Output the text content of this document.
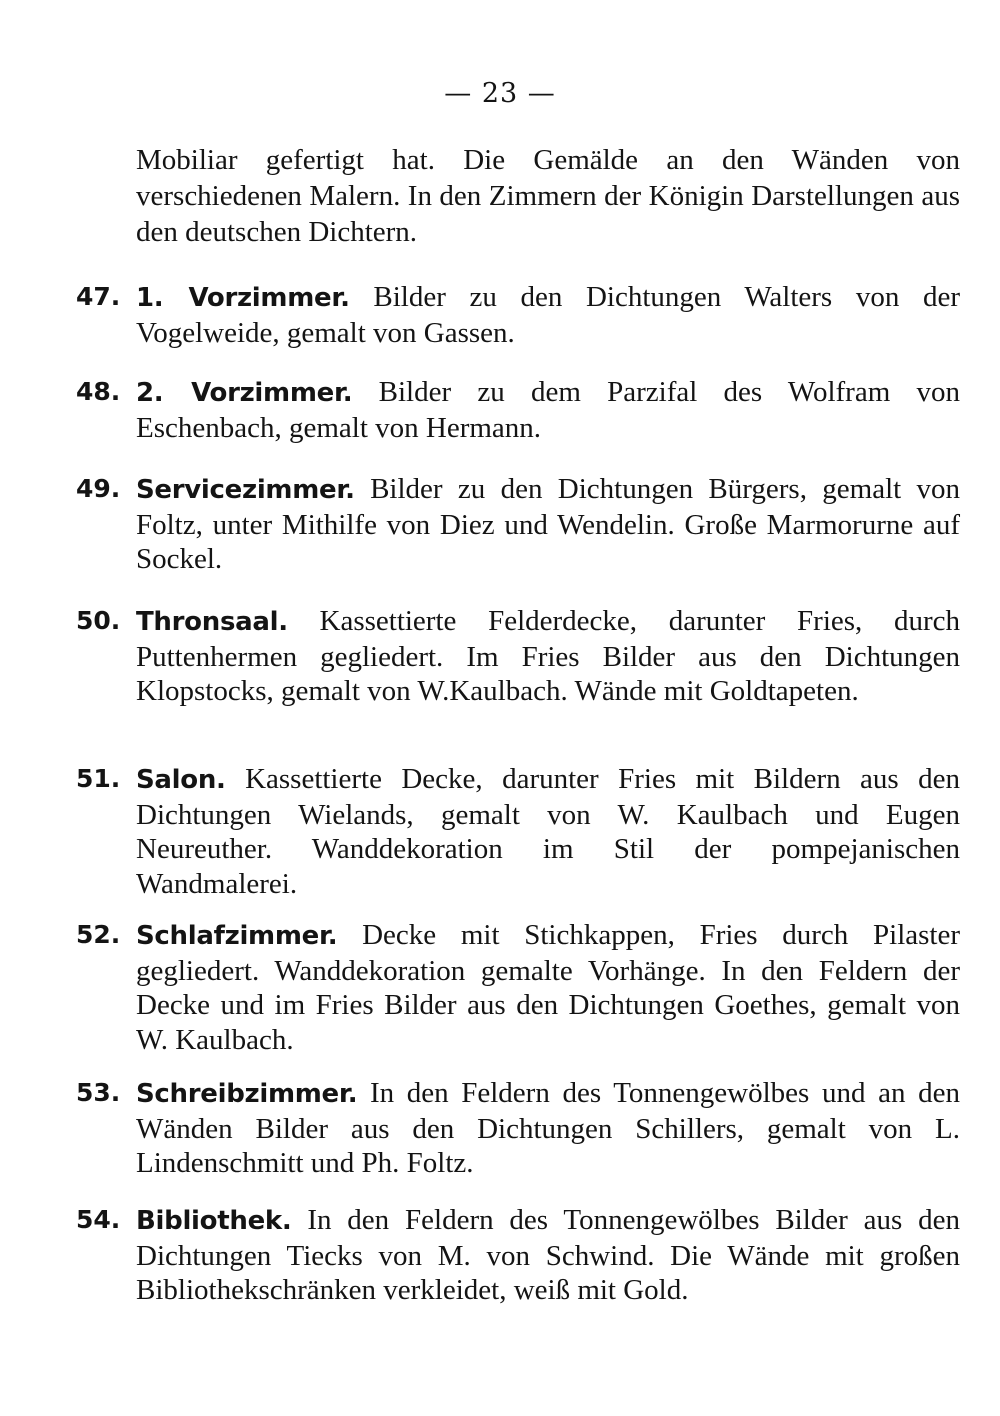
— 23 —
Mobiliar gefertigt hat. Die Gemälde an den Wänden von verschiedenen Malern. In den Zimmern der Königin Darstellungen aus den deutschen Dichtern.
47. 1. Vorzimmer. Bilder zu den Dichtungen Walters von der Vogelweide, gemalt von Gassen.
48. 2. Vorzimmer. Bilder zu dem Parzifal des Wolfram von Eschenbach, gemalt von Hermann.
49. Servicezimmer. Bilder zu den Dichtungen Bürgers, gemalt von Foltz, unter Mithilfe von Diez und Wendelin. Große Marmorurne auf Sockel.
50. Thronsaal. Kassettierte Felderdecke, darunter Fries, durch Puttenhermen gegliedert. Im Fries Bilder aus den Dichtungen Klopstocks, gemalt von W.Kaulbach. Wände mit Goldtapeten.
51. Salon. Kassettierte Decke, darunter Fries mit Bildern aus den Dichtungen Wielands, gemalt von W. Kaulbach und Eugen Neureuther. Wanddekoration im Stil der pompejanischen Wandmalerei.
52. Schlafzimmer. Decke mit Stichkappen, Fries durch Pilaster gegliedert. Wanddekoration gemalte Vorhänge. In den Feldern der Decke und im Fries Bilder aus den Dichtungen Goethes, gemalt von W. Kaulbach.
53. Schreibzimmer. In den Feldern des Tonnengewölbes und an den Wänden Bilder aus den Dichtungen Schillers, gemalt von L. Lindenschmitt und Ph. Foltz.
54. Bibliothek. In den Feldern des Tonnengewölbes Bilder aus den Dichtungen Tiecks von M. von Schwind. Die Wände mit großen Bibliothekschränken verkleidet, weiß mit Gold.
